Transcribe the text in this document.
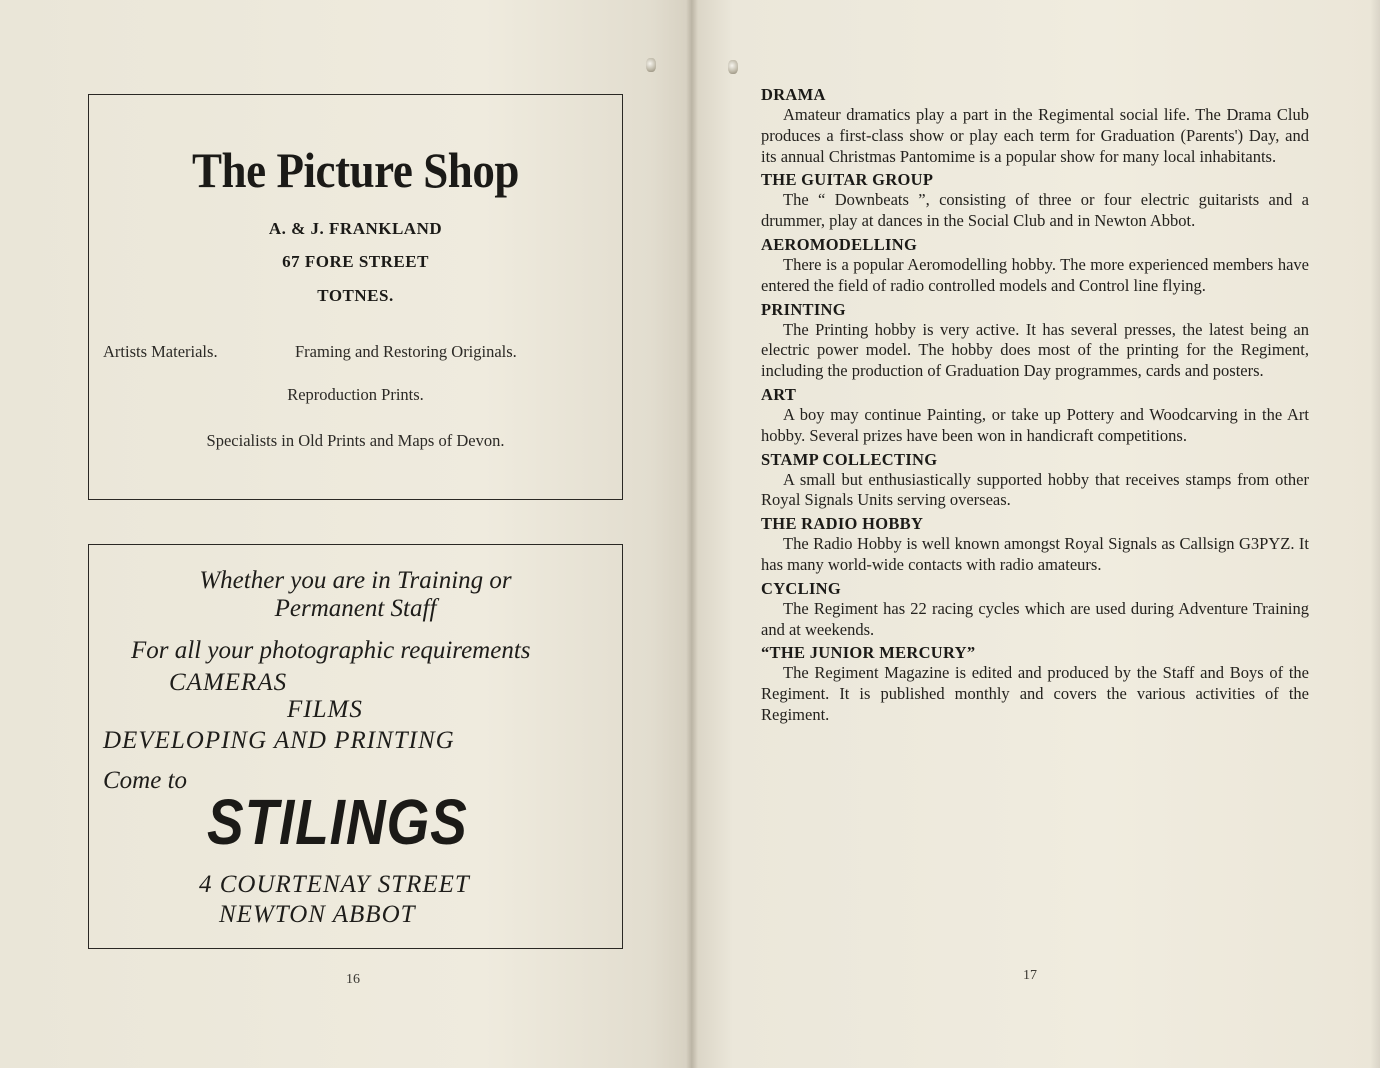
The Picture Shop
A. & J. FRANKLAND
67 FORE STREET
TOTNES.
Artists Materials.	Framing and Restoring Originals.
Reproduction Prints.
Specialists in Old Prints and Maps of Devon.
Whether you are in Training or
Permanent Staff
For all your photographic requirements
CAMERAS
FILMS
DEVELOPING AND PRINTING
Come to
STILINGS
4 COURTENAY STREET
NEWTON ABBOT
16
DRAMA

Amateur dramatics play a part in the Regimental social life. The Drama Club produces a first-class show or play each term for Graduation (Parents') Day, and its annual Christmas Pantomime is a popular show for many local inhabitants.

THE GUITAR GROUP

The “ Downbeats ”, consisting of three or four electric guitarists and a drummer, play at dances in the Social Club and in Newton Abbot.

AEROMODELLING

There is a popular Aeromodelling hobby. The more experienced members have entered the field of radio controlled models and Control line flying.

PRINTING

The Printing hobby is very active. It has several presses, the latest being an electric power model. The hobby does most of the printing for the Regiment, including the production of Graduation Day programmes, cards and posters.

ART

A boy may continue Painting, or take up Pottery and Woodcarving in the Art hobby. Several prizes have been won in handicraft competitions.

STAMP COLLECTING

A small but enthusiastically supported hobby that receives stamps from other Royal Signals Units serving overseas.

THE RADIO HOBBY

The Radio Hobby is well known amongst Royal Signals as Callsign G3PYZ. It has many world-wide contacts with radio amateurs.

CYCLING

The Regiment has 22 racing cycles which are used during Adventure Training and at weekends.

“THE JUNIOR MERCURY”

The Regiment Magazine is edited and produced by the Staff and Boys of the Regiment. It is published monthly and covers the various activities of the Regiment.

17
